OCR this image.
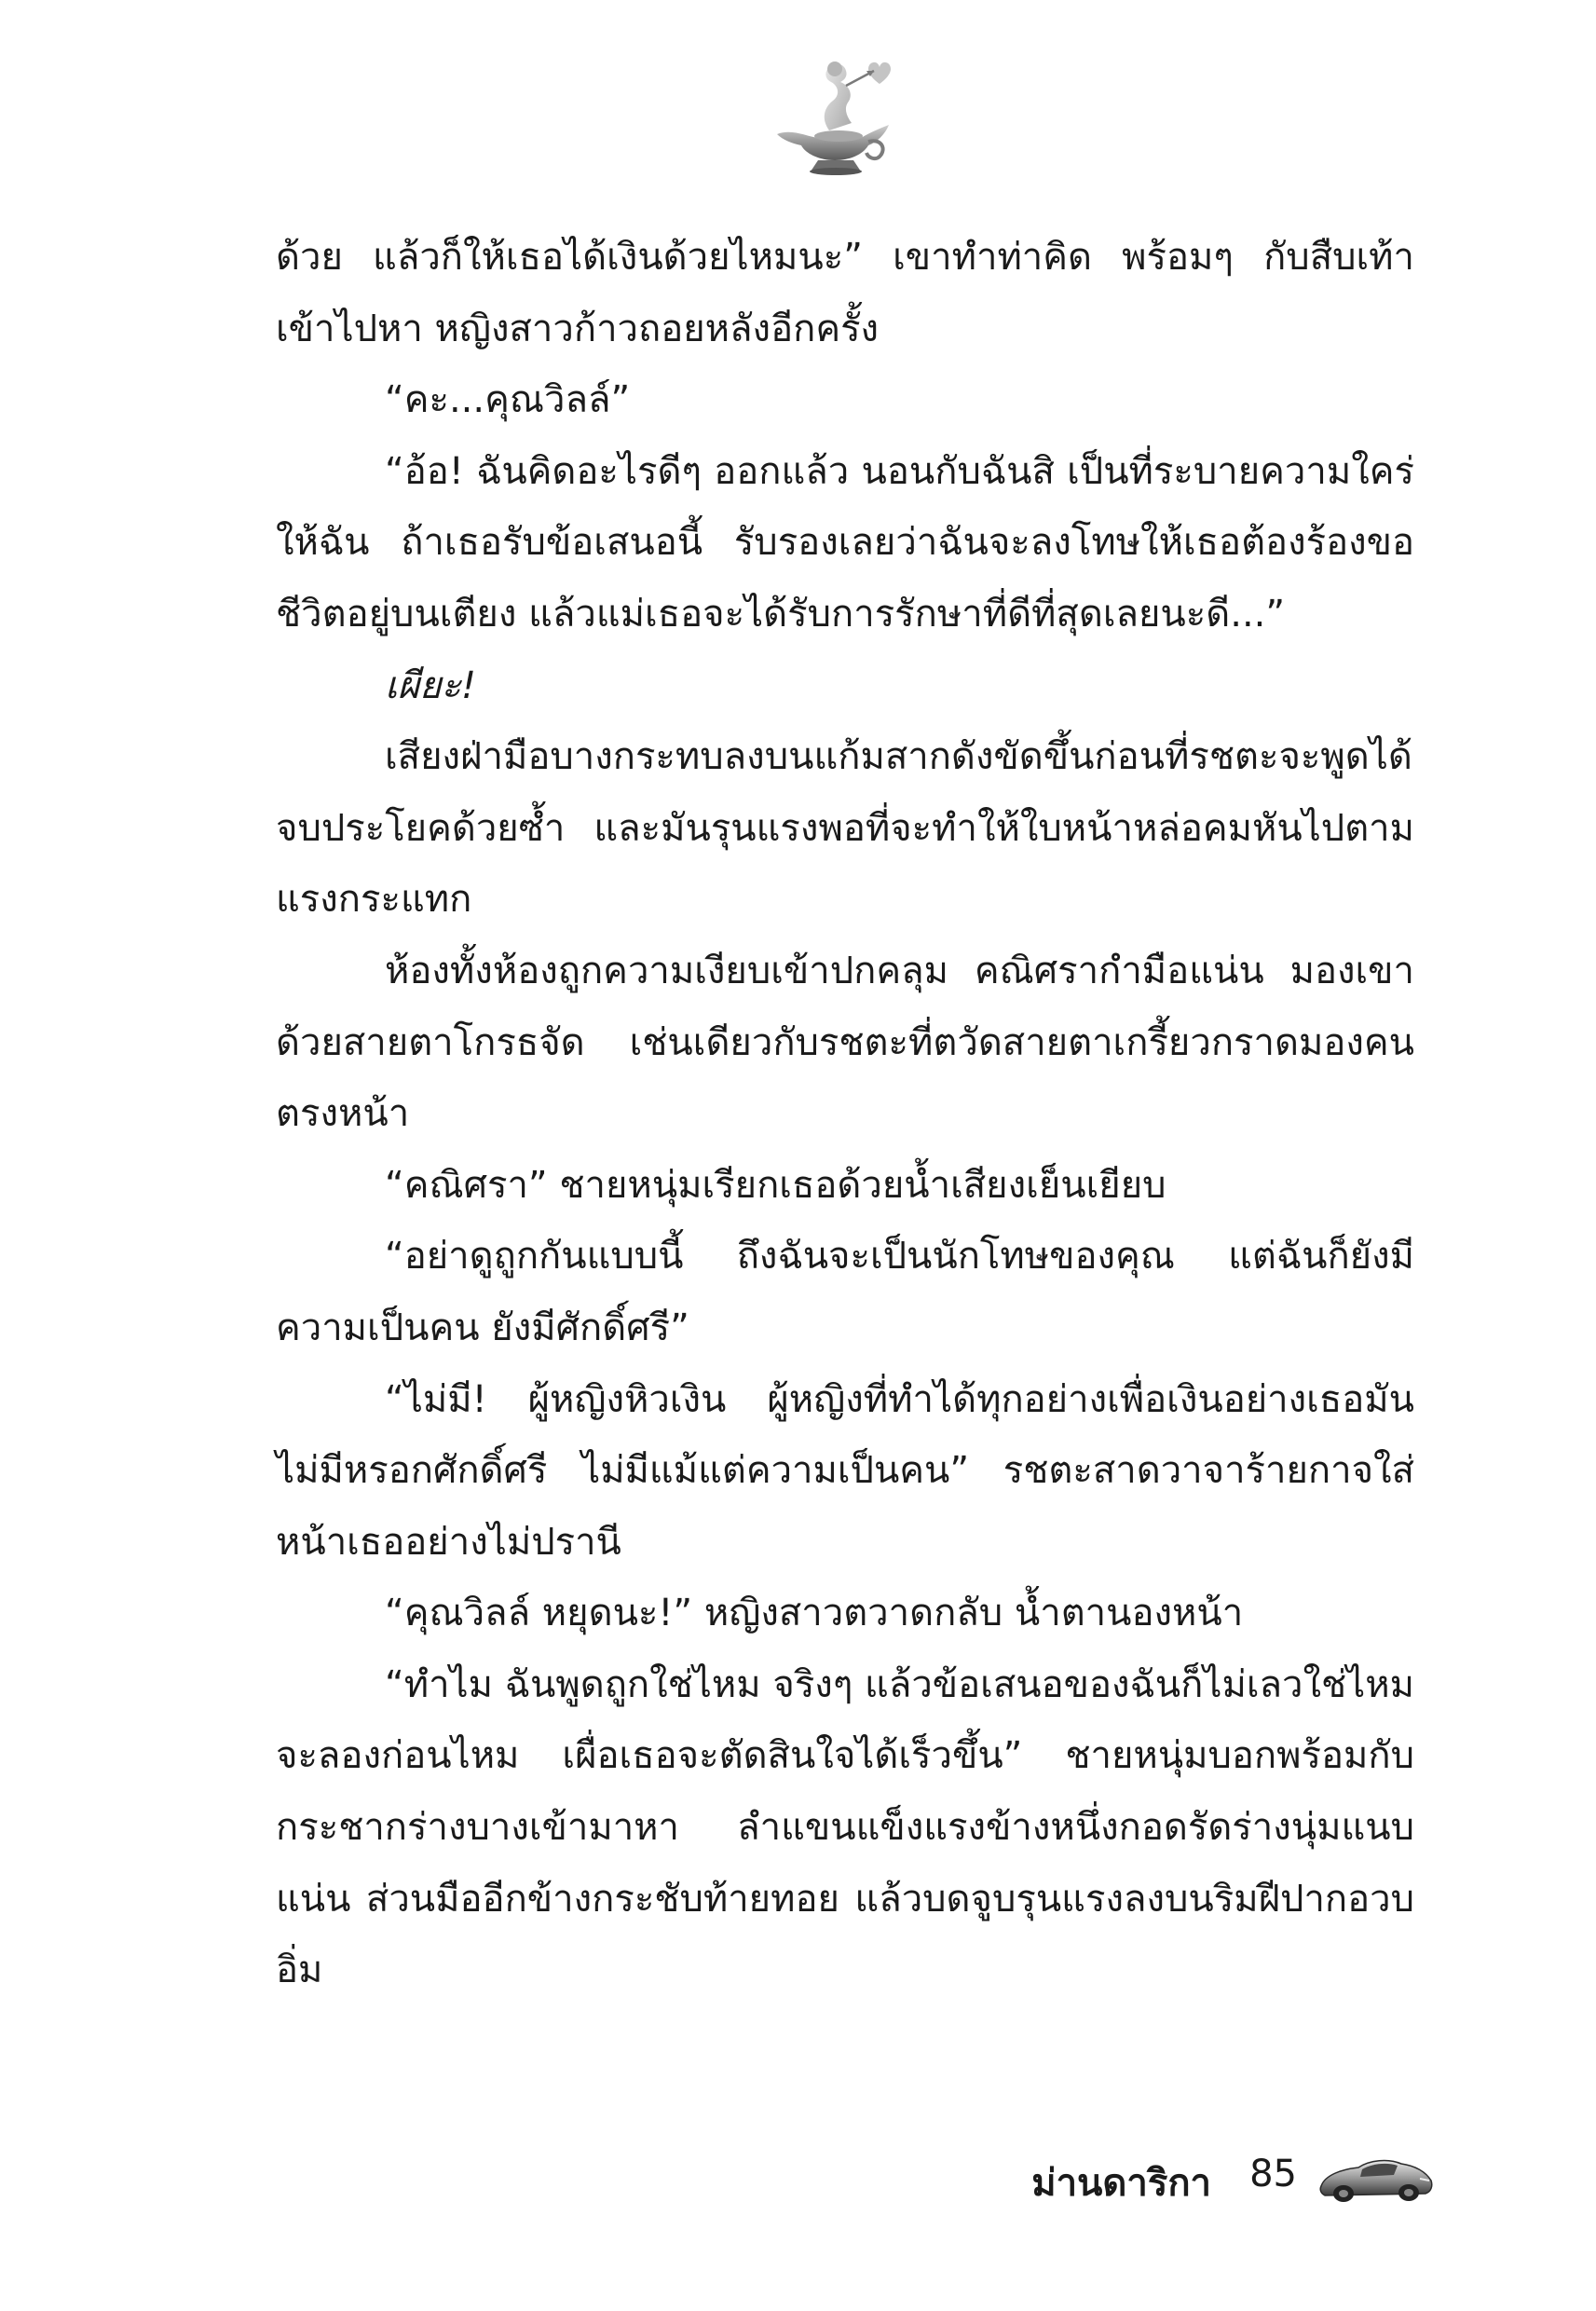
ด้วย แล้วก็ให้เธอได้เงินด้วยไหมนะ” เขาทำท่าคิด พร้อมๆ กับสืบเท้าเข้าไปหา หญิงสาวก้าวถอยหลังอีกครั้ง

“คะ...คุณวิลล์”

“อ้อ! ฉันคิดอะไรดีๆ ออกแล้ว นอนกับฉันสิ เป็นที่ระบายความใคร่ให้ฉัน ถ้าเธอรับข้อเสนอนี้ รับรองเลยว่าฉันจะลงโทษให้เธอต้องร้องขอชีวิตอยู่บนเตียง แล้วแม่เธอจะได้รับการรักษาที่ดีที่สุดเลยนะดี...”

เผียะ!

เสียงฝ่ามือบางกระทบลงบนแก้มสากดังขัดขึ้นก่อนที่รชตะจะพูดได้จบประโยคด้วยซ้ำ และมันรุนแรงพอที่จะทำให้ใบหน้าหล่อคมหันไปตามแรงกระแทก

ห้องทั้งห้องถูกความเงียบเข้าปกคลุม คณิศรากำมือแน่น มองเขาด้วยสายตาโกรธจัด เช่นเดียวกับรชตะที่ตวัดสายตาเกรี้ยวกราดมองคนตรงหน้า

“คณิศรา” ชายหนุ่มเรียกเธอด้วยน้ำเสียงเย็นเยียบ

“อย่าดูถูกกันแบบนี้ ถึงฉันจะเป็นนักโทษของคุณ แต่ฉันก็ยังมีความเป็นคน ยังมีศักดิ์ศรี”

“ไม่มี! ผู้หญิงหิวเงิน ผู้หญิงที่ทำได้ทุกอย่างเพื่อเงินอย่างเธอมันไม่มีหรอกศักดิ์ศรี ไม่มีแม้แต่ความเป็นคน” รชตะสาดวาจาร้ายกาจใส่หน้าเธออย่างไม่ปรานี

“คุณวิลล์ หยุดนะ!” หญิงสาวตวาดกลับ น้ำตานองหน้า

“ทำไม ฉันพูดถูกใช่ไหม จริงๆ แล้วข้อเสนอของฉันก็ไม่เลวใช่ไหม จะลองก่อนไหม เผื่อเธอจะตัดสินใจได้เร็วขึ้น” ชายหนุ่มบอกพร้อมกับกระชากร่างบางเข้ามาหา ลำแขนแข็งแรงข้างหนึ่งกอดรัดร่างนุ่มแนบแน่น ส่วนมืออีกข้างกระชับท้ายทอย แล้วบดจูบรุนแรงลงบนริมฝีปากอวบอิ่ม

ม่านดาริกา 85
